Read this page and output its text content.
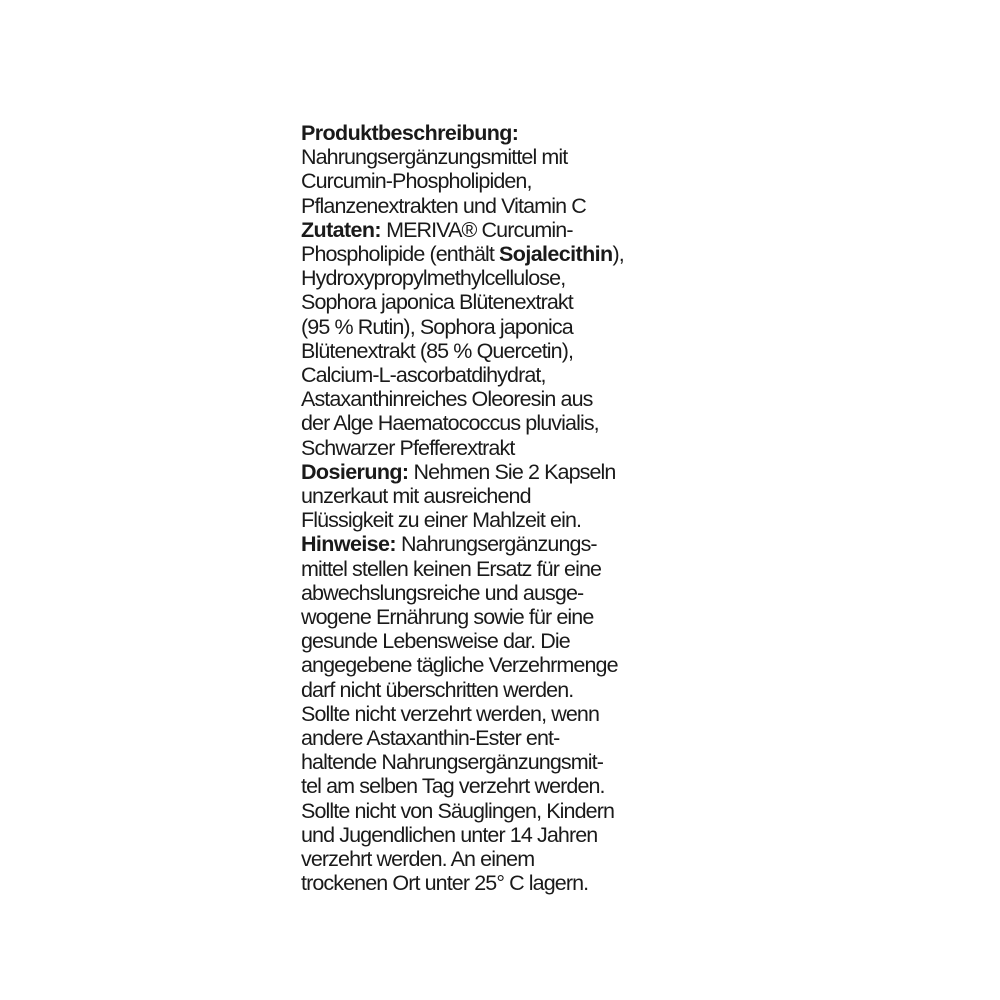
Produktbeschreibung:
Nahrungsergänzungsmittel mit
Curcumin-Phospholipiden,
Pflanzenextrakten und Vitamin C
Zutaten: MERIVA® Curcumin-
Phospholipide (enthält Sojalecithin),
Hydroxypropylmethylcellulose,
Sophora japonica Blütenextrakt
(95 % Rutin), Sophora japonica
Blütenextrakt (85 % Quercetin),
Calcium-L-ascorbatdihydrat,
Astaxanthinreiches Oleoresin aus
der Alge Haematococcus pluvialis,
Schwarzer Pfefferextrakt
Dosierung: Nehmen Sie 2 Kapseln
unzerkaut mit ausreichend
Flüssigkeit zu einer Mahlzeit ein.
Hinweise: Nahrungsergänzungs-
mittel stellen keinen Ersatz für eine
abwechslungsreiche und ausge-
wogene Ernährung sowie für eine
gesunde Lebensweise dar. Die
angegebene tägliche Verzehrmenge
darf nicht überschritten werden.
Sollte nicht verzehrt werden, wenn
andere Astaxanthin-Ester ent-
haltende Nahrungsergänzungsmit-
tel am selben Tag verzehrt werden.
Sollte nicht von Säuglingen, Kindern
und Jugendlichen unter 14 Jahren
verzehrt werden. An einem
trockenen Ort unter 25° C lagern.
